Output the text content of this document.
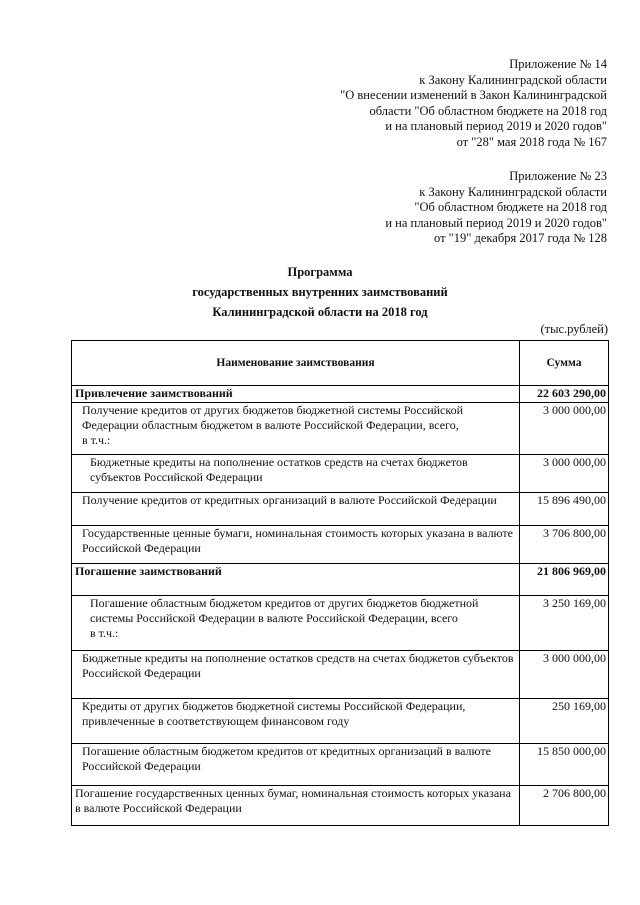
Приложение № 14
к Закону Калининградской области
"О внесении изменений в Закон Калининградской
области "Об областном бюджете на 2018 год
и на плановый период 2019 и 2020 годов"
от "28" мая 2018 года № 167
Приложение № 23
к Закону Калининградской области
"Об областном бюджете на 2018 год
и на плановый период 2019 и 2020 годов"
от "19" декабря 2017 года № 128
Программа
государственных внутренних заимствований
Калининградской области на 2018 год
(тыс.рублей)
Наименование заимствования	Сумма
Привлечение заимствований	22 603 290,00
Получение кредитов от других бюджетов бюджетной системы Российской Федерации областным бюджетом в валюте Российской Федерации, всего,
в т.ч.:	3 000 000,00
Бюджетные кредиты на пополнение остатков средств на счетах бюджетов субъектов Российской Федерации	3 000 000,00
Получение кредитов от кредитных организаций в валюте Российской Федерации	15 896 490,00
Государственные ценные бумаги, номинальная стоимость которых указана в валюте Российской Федерации	3 706 800,00
Погашение заимствований	21 806 969,00
Погашение областным бюджетом кредитов от других бюджетов бюджетной системы Российской Федерации в валюте Российской Федерации, всего
в т.ч.:	3 250 169,00
Бюджетные кредиты на пополнение остатков средств на счетах бюджетов субъектов Российской Федерации	3 000 000,00
Кредиты от других бюджетов бюджетной системы Российской Федерации, привлеченные в соответствующем финансовом году	250 169,00
Погашение областным бюджетом кредитов от кредитных организаций в валюте Российской Федерации	15 850 000,00
Погашение государственных ценных бумаг, номинальная стоимость которых указана в валюте Российской Федерации	2 706 800,00
